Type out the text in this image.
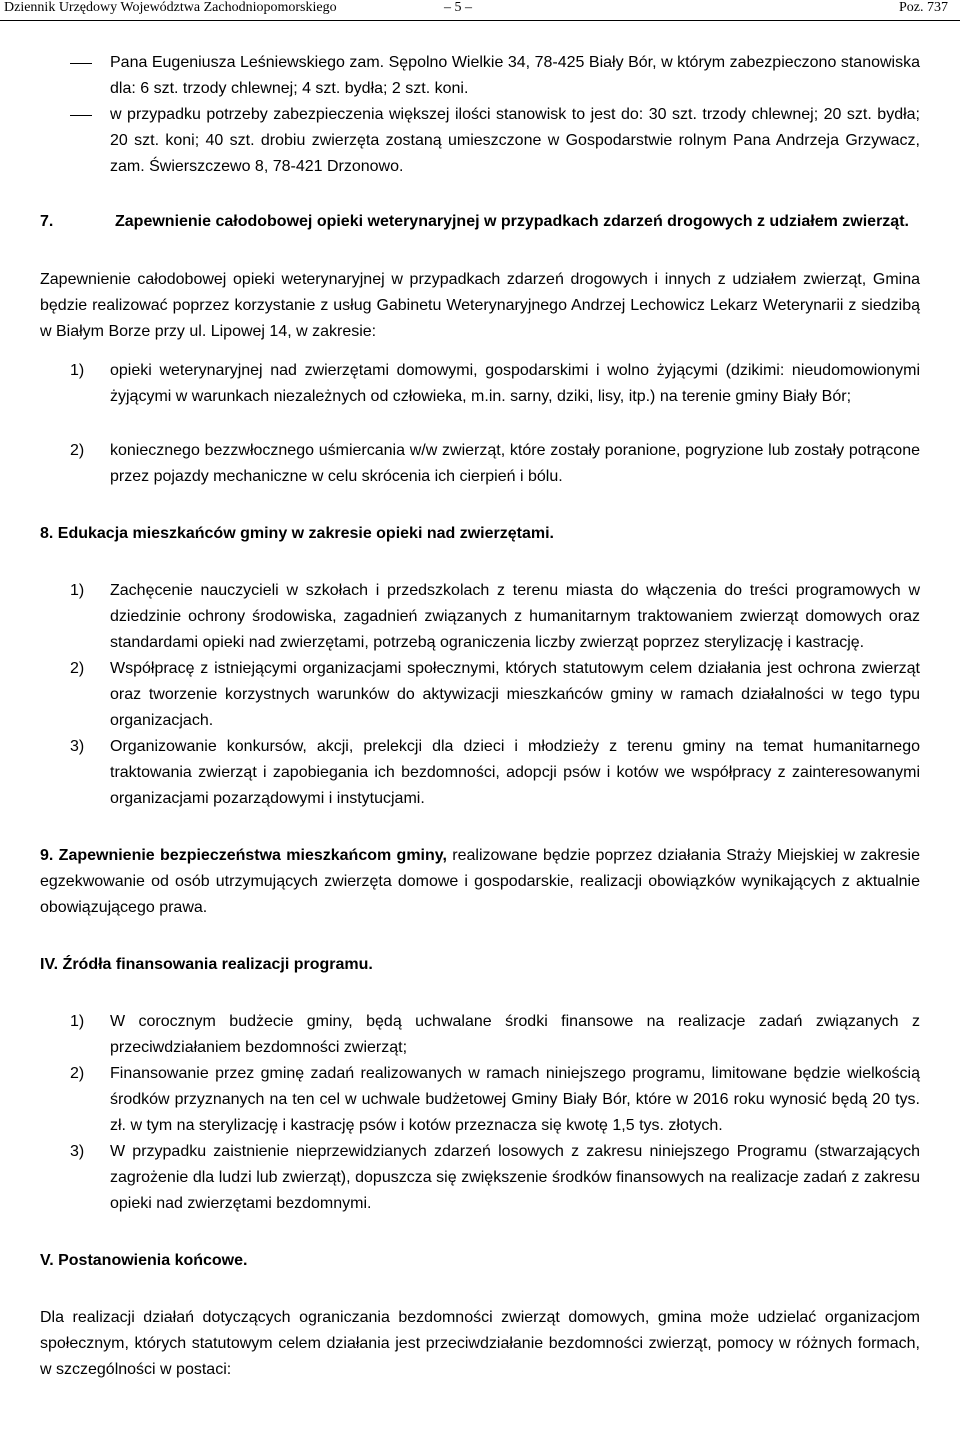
Dziennik Urzędowy Województwa Zachodniopomorskiego	– 5 –	Poz. 737
Pana Eugeniusza Leśniewskiego zam. Sępolno Wielkie 34, 78-425 Biały Bór, w którym zabezpieczono stanowiska dla: 6 szt. trzody chlewnej; 4 szt. bydła; 2 szt. koni.
w przypadku potrzeby zabezpieczenia większej ilości stanowisk to jest do: 30 szt. trzody chlewnej; 20 szt. bydła; 20 szt. koni; 40 szt. drobiu zwierzęta zostaną umieszczone w Gospodarstwie rolnym Pana Andrzeja Grzywacz, zam. Świerszczewo 8, 78-421 Drzonowo.
7.	Zapewnienie całodobowej opieki weterynaryjnej w przypadkach zdarzeń drogowych z udziałem zwierząt.
Zapewnienie całodobowej opieki weterynaryjnej w przypadkach zdarzeń drogowych i innych z udziałem zwierząt, Gmina będzie realizować poprzez korzystanie z usług Gabinetu Weterynaryjnego Andrzej Lechowicz Lekarz Weterynarii z siedzibą w Białym Borze przy ul. Lipowej 14, w zakresie:
1) opieki weterynaryjnej nad zwierzętami domowymi, gospodarskimi i wolno żyjącymi (dzikimi: nieudomowionymi żyjącymi w warunkach niezależnych od człowieka, m.in. sarny, dziki, lisy, itp.) na terenie gminy Biały Bór;
2) koniecznego bezzwłocznego uśmiercania w/w zwierząt, które zostały poranione, pogryzione lub zostały potrącone przez pojazdy mechaniczne w celu skrócenia ich cierpień i bólu.
8. Edukacja mieszkańców gminy w zakresie opieki nad zwierzętami.
1) Zachęcenie nauczycieli w szkołach i przedszkolach z terenu miasta do włączenia do treści programowych w dziedzinie ochrony środowiska, zagadnień związanych z humanitarnym traktowaniem zwierząt domowych oraz standardami opieki nad zwierzętami, potrzebą ograniczenia liczby zwierząt poprzez sterylizację i kastrację.
2) Współpracę z istniejącymi organizacjami społecznymi, których statutowym celem działania jest ochrona zwierząt oraz tworzenie korzystnych warunków do aktywizacji mieszkańców gminy w ramach działalności w tego typu organizacjach.
3) Organizowanie konkursów, akcji, prelekcji dla dzieci i młodzieży z terenu gminy na temat humanitarnego traktowania zwierząt i zapobiegania ich bezdomności, adopcji psów i kotów we współpracy z zainteresowanymi organizacjami pozarządowymi i instytucjami.
9. Zapewnienie bezpieczeństwa mieszkańcom gminy, realizowane będzie poprzez działania Straży Miejskiej w zakresie egzekwowanie od osób utrzymujących zwierzęta domowe i gospodarskie, realizacji obowiązków wynikających z aktualnie obowiązującego prawa.
IV. Źródła finansowania realizacji programu.
1) W corocznym budżecie gminy, będą uchwalane środki finansowe na realizacje zadań związanych z przeciwdziałaniem bezdomności zwierząt;
2) Finansowanie przez gminę zadań realizowanych w ramach niniejszego programu, limitowane będzie wielkością środków przyznanych na ten cel w uchwale budżetowej Gminy Biały Bór, które w 2016 roku wynosić będą 20 tys. zł. w tym na sterylizację i kastrację psów i kotów przeznacza się kwotę 1,5 tys. złotych.
3) W przypadku zaistnienie nieprzewidzianych zdarzeń losowych z zakresu niniejszego Programu (stwarzających zagrożenie dla ludzi lub zwierząt), dopuszcza się zwiększenie środków finansowych na realizacje zadań z zakresu opieki nad zwierzętami bezdomnymi.
V. Postanowienia końcowe.
Dla realizacji działań dotyczących ograniczania bezdomności zwierząt domowych, gmina może udzielać organizacjom społecznym, których statutowym celem działania jest przeciwdziałanie bezdomności zwierząt, pomocy w różnych formach, w szczególności w postaci:
